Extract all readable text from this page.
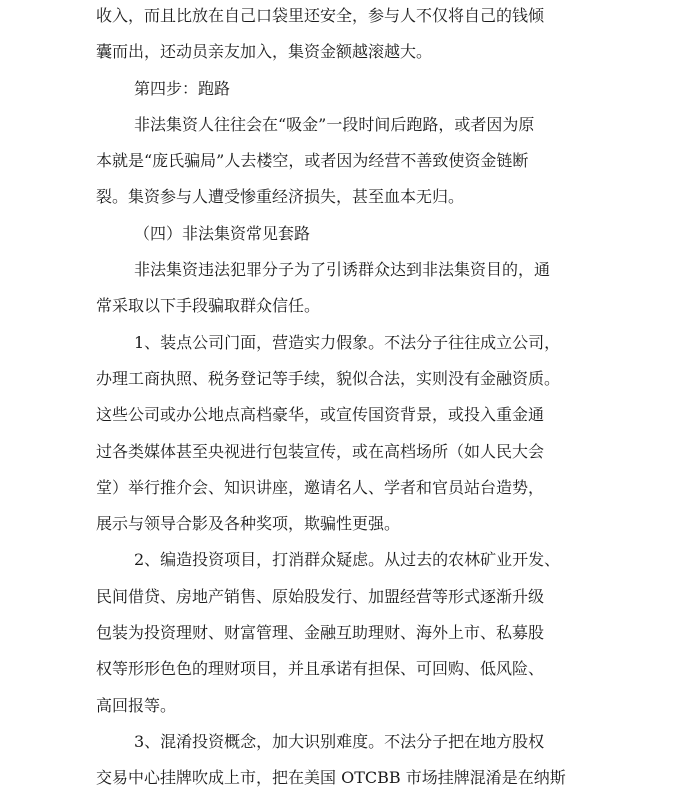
收入，而且比放在自己口袋里还安全，参与人不仅将自己的钱倾
囊而出，还动员亲友加入，集资金额越滚越大。
第四步：跑路
非法集资人往往会在“吸金”一段时间后跑路，或者因为原
本就是“庞氏骗局”人去楼空，或者因为经营不善致使资金链断
裂。集资参与人遭受惨重经济损失，甚至血本无归。
（四）非法集资常见套路
非法集资违法犯罪分子为了引诱群众达到非法集资目的，通
常采取以下手段骗取群众信任。
1、装点公司门面，营造实力假象。不法分子往往成立公司，
办理工商执照、税务登记等手续，貌似合法，实则没有金融资质。
这些公司或办公地点高档豪华，或宣传国资背景，或投入重金通
过各类媒体甚至央视进行包装宣传，或在高档场所（如人民大会
堂）举行推介会、知识讲座，邀请名人、学者和官员站台造势，
展示与领导合影及各种奖项，欺骗性更强。
2、编造投资项目，打消群众疑虑。从过去的农林矿业开发、
民间借贷、房地产销售、原始股发行、加盟经营等形式逐渐升级
包装为投资理财、财富管理、金融互助理财、海外上市、私募股
权等形形色色的理财项目，并且承诺有担保、可回购、低风险、
高回报等。
3、混淆投资概念，加大识别难度。不法分子把在地方股权
交易中心挂牌吹成上市，把在美国 OTCBB 市场挂牌混淆是在纳斯
